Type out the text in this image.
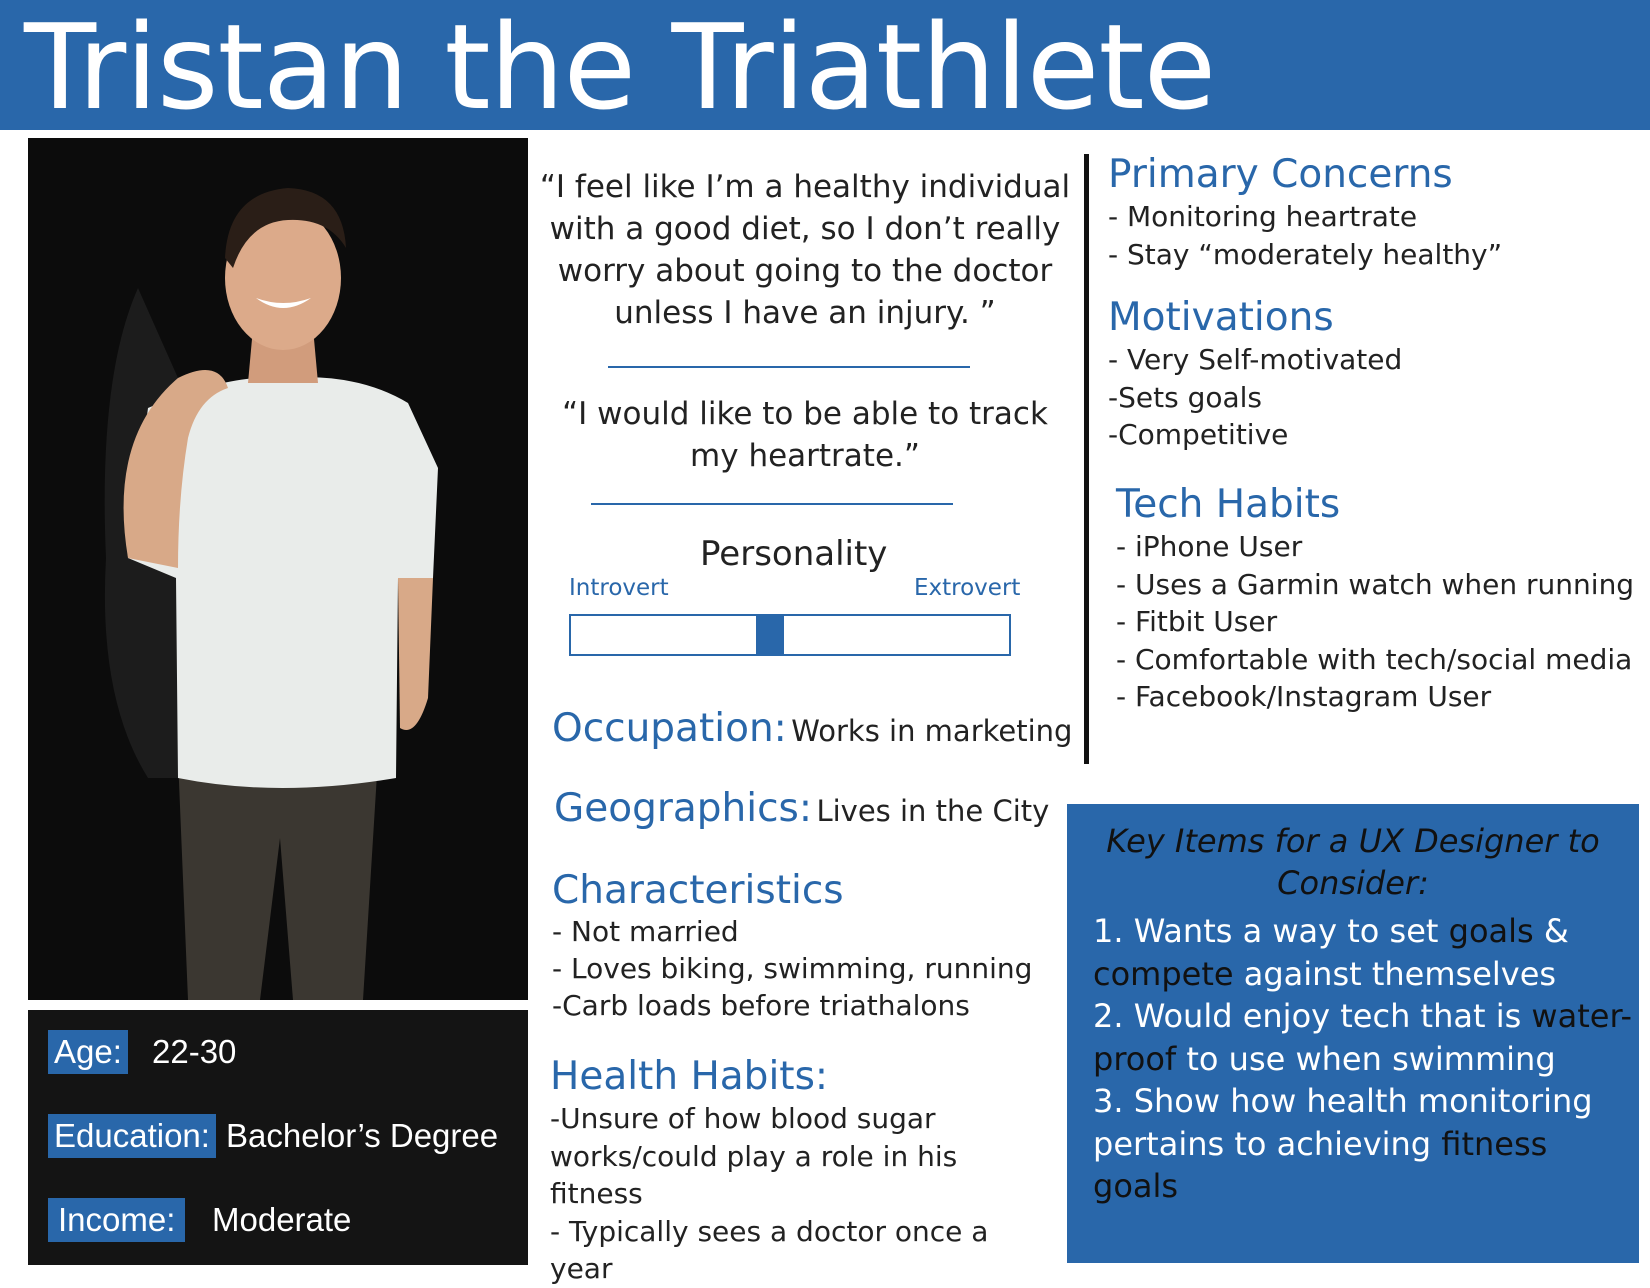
Tristan the Triathlete
Age: 22-30
Education: Bachelor’s Degree
Income:	Moderate
“I feel like I’m a healthy individual with a good diet, so I don’t really worry about going to the doctor unless I have an injury. ”
“I would like to be able to track my heartrate.”
Personality
Introvert	Extrovert
Occupation: Works in marketing
Geographics: Lives in the City
Characteristics
- Not married
- Loves biking, swimming, running
-Carb loads before triathalons
Health Habits:
-Unsure of how blood sugar works/could play a role in his fitness
- Typically sees a doctor once a year
Primary Concerns
- Monitoring heartrate
- Stay “moderately healthy”
Motivations
- Very Self-motivated
-Sets goals
-Competitive
Tech Habits
- iPhone User
- Uses a Garmin watch when running
- Fitbit User
- Comfortable with tech/social media
- Facebook/Instagram User
Key Items for a UX Designer to Consider:
1. Wants a way to set goals & compete against themselves
2. Would enjoy tech that is water-proof to use when swimming
3. Show how health monitoring pertains to achieving fitness goals
